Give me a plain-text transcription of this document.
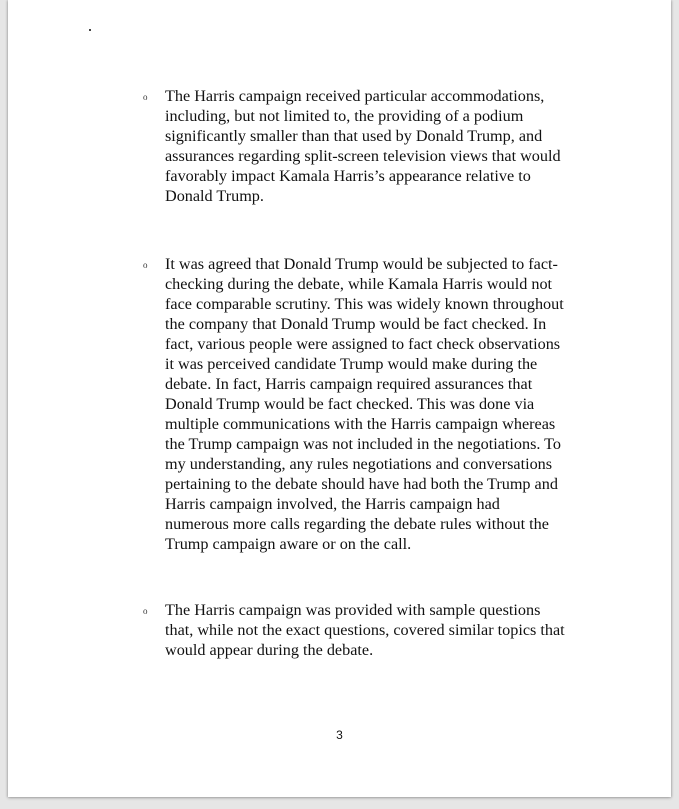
o The Harris campaign received particular accommodations,
including, but not limited to, the providing of a podium
significantly smaller than that used by Donald Trump, and
assurances regarding split-screen television views that would
favorably impact Kamala Harris’s appearance relative to
Donald Trump.
o It was agreed that Donald Trump would be subjected to fact-
checking during the debate, while Kamala Harris would not
face comparable scrutiny. This was widely known throughout
the company that Donald Trump would be fact checked. In
fact, various people were assigned to fact check observations
it was perceived candidate Trump would make during the
debate. In fact, Harris campaign required assurances that
Donald Trump would be fact checked. This was done via
multiple communications with the Harris campaign whereas
the Trump campaign was not included in the negotiations. To
my understanding, any rules negotiations and conversations
pertaining to the debate should have had both the Trump and
Harris campaign involved, the Harris campaign had
numerous more calls regarding the debate rules without the
Trump campaign aware or on the call.
o The Harris campaign was provided with sample questions
that, while not the exact questions, covered similar topics that
would appear during the debate.
3
